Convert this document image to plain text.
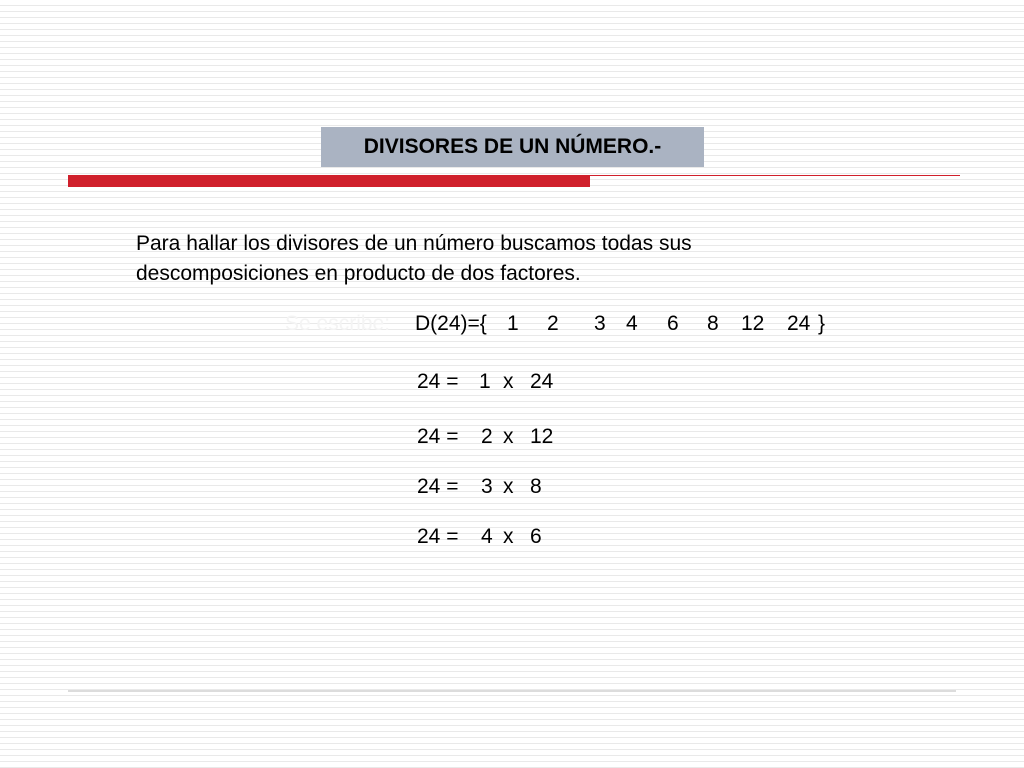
DIVISORES DE UN NÚMERO.-
Para hallar los divisores de un número buscamos todas sus
descomposiciones en producto de dos factores.
Se escribe: D(24)={ 1 2 3 4 6 8 12 24 }
24 = 1 x 24
24 = 2 x 12
24 = 3 x 8
24 = 4 x 6
